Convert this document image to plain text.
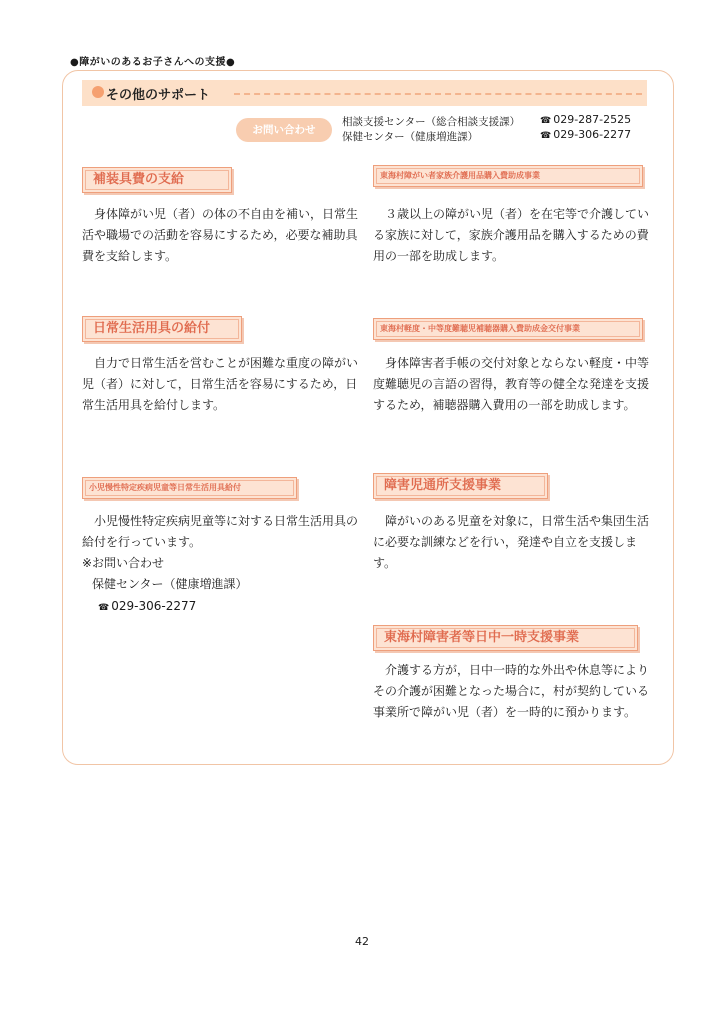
●障がいのあるお子さんへの支援●
その他のサポート
お問い合わせ
相談支援センター（総合相談支援課） ☎ 029-287-2525
保健センター（健康増進課）	☎ 029-306-2277
補装具費の支給

　身体障がい児（者）の体の不自由を補い，日常生活や職場での活動を容易にするため，必要な補助具費を支給します。

東海村障がい者家族介護用品購入費助成事業

　３歳以上の障がい児（者）を在宅等で介護している家族に対して，家族介護用品を購入するための費用の一部を助成します。

日常生活用具の給付

　自力で日常生活を営むことが困難な重度の障がい児（者）に対して，日常生活を容易にするため，日常生活用具を給付します。

東海村軽度・中等度難聴児補聴器購入費助成金交付事業

　身体障害者手帳の交付対象とならない軽度・中等度難聴児の言語の習得，教育等の健全な発達を支援するため，補聴器購入費用の一部を助成します。

小児慢性特定疾病児童等日常生活用具給付

　小児慢性特定疾病児童等に対する日常生活用具の給付を行っています。

※お問い合わせ
保健センター（健康増進課）
☎ 029-306-2277
障害児通所支援事業

　障がいのある児童を対象に，日常生活や集団生活に必要な訓練などを行い，発達や自立を支援します。

東海村障害者等日中一時支援事業

　介護する方が，日中一時的な外出や休息等によりその介護が困難となった場合に，村が契約している事業所で障がい児（者）を一時的に預かります。

42
